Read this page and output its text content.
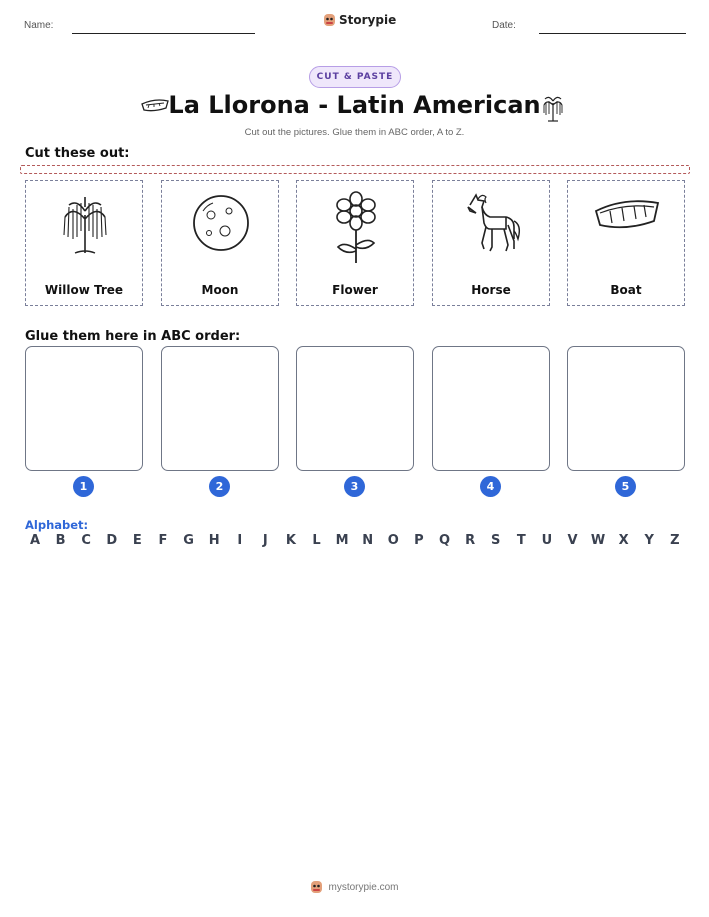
Name:	Storypie	Date:
CUT & PASTE
La Llorona - Latin American
Cut out the pictures. Glue them in ABC order, A to Z.
Cut these out:
Willow Tree	Moon	Flower	Horse	Boat
Glue them here in ABC order:
1	2	3	4	5
Alphabet:
A	B	C	D	E	F	G	H	I	J	K	L	M	N	O	P	Q	R	S	T	U	V	W	X	Y	Z
mystorypie.com
